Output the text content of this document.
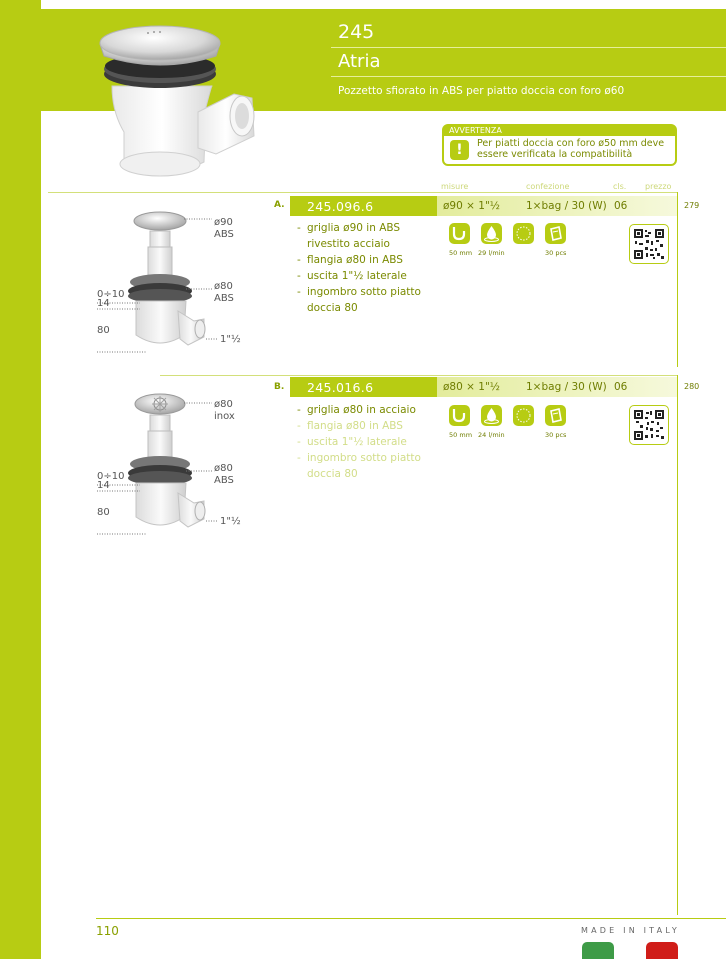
245
Atria
Pozzetto sfiorato in ABS per piatto doccia con foro ø60
AVVERTENZA
!	Per piatti doccia con foro ø50 mm deve essere verificata la compatibilità
misure	confezione	cls. prezzo
A. 245.096.6	ø90 × 1"½ 1×bag / 30 (W) 06	279
- griglia ø90 in ABS rivestito acciaio
- flangia ø80 in ABS
- uscita 1"½ laterale
- ingombro sotto piatto doccia 80
50 mm 29 l/min	30 pcs
ø90
ABS
ø80
ABS
0÷10
14
80
1"½
B. 245.016.6	ø80 × 1"½ 1×bag / 30 (W) 06	280
- griglia ø80 in acciaio
- flangia ø80 in ABS
- uscita 1"½ laterale
- ingombro sotto piatto doccia 80
50 mm 24 l/min	30 pcs
ø80
inox
ø80
ABS
0÷10
14
80
1"½
110	MADE IN ITALY
